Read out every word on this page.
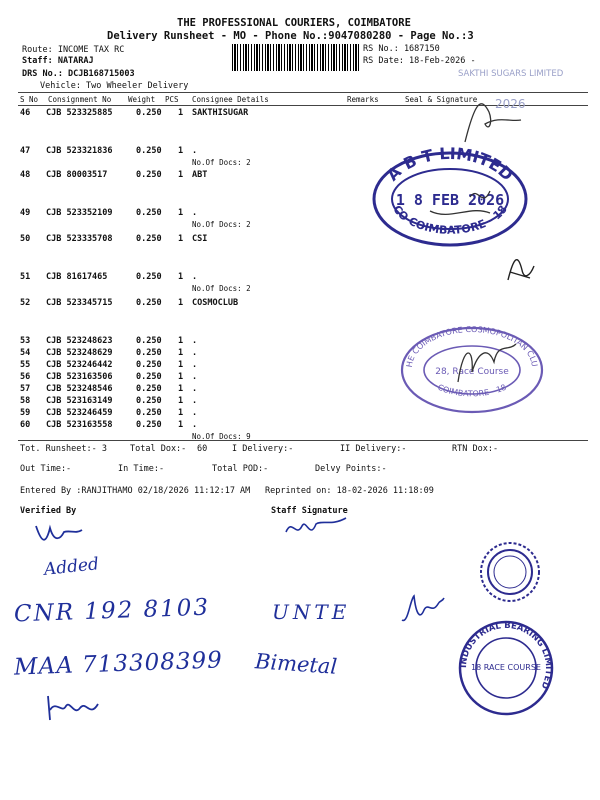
THE PROFESSIONAL COURIERS, COIMBATORE
Delivery Runsheet - MO - Phone No.:9047080280 - Page No.:3
Route: INCOME TAX RC
Staff: NATARAJ
DRS No.: DCJB168715003
Vehicle: Two Wheeler Delivery
RS No.: 1687150
RS Date: 18-Feb-2026 -
S No Consignment No Weight PCS Consignee Details	Remarks	Seal & Signature
46 CJB 523325885	0.250 1 SAKTHISUGAR
47 CJB 523321836	0.250 1 .
No.Of Docs: 2
48 CJB 80003517	0.250 1 ABT
49 CJB 523352109	0.250 1 .
No.Of Docs: 2
50 CJB 523335708	0.250 1 CSI
51 CJB 81617465	0.250 1 .
No.Of Docs: 2
52 CJB 523345715	0.250 1 COSMOCLUB
53 CJB 523248623	0.250 1 .
54 CJB 523248629	0.250 1 .
55 CJB 523246442	0.250 1 .
56 CJB 523163506	0.250 1 .
57 CJB 523248546	0.250 1 .
58 CJB 523163149	0.250 1 .
59 CJB 523246459	0.250 1 .
60 CJB 523163558	0.250 1 .
No.Of Docs: 9
Tot. Runsheet:- 3	Total Dox:- 60	I Delivery:-	II Delivery:-	RTN Dox:-
Out Time:-	In Time:-	Total POD:-	Delvy Points:-
Entered By :RANJITHAMO 02/18/2026 11:12:17 AM Reprinted on: 18-02-2026 11:18:09
Verified By	Staff Signature
Added
CNR 192 8103	UNTE
MAA 713308399 Bimetal
A B T LIMITED
1 8 FEB 2026
CO COIMBATORE - 18
SAKTHI SUGARS LIMITED
2026
THE COIMBATORE COSMOPOLITAN CLUB
28, Race Course
COIMBATORE - 18
INDUSTRIAL BEARING LIMITED
18 RACE COURSE
